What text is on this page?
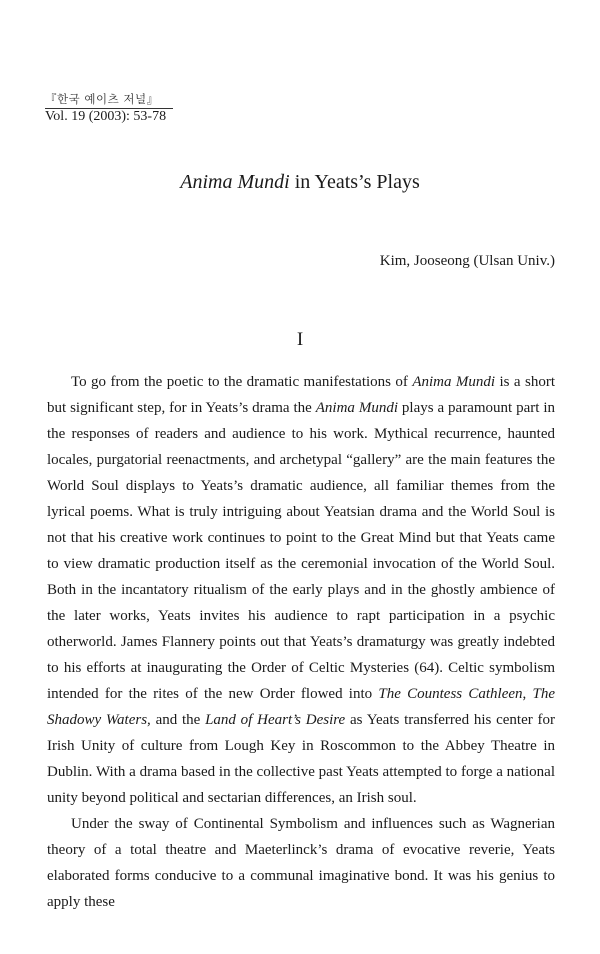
『한국 예이츠 저널』
Vol. 19 (2003): 53-78
Anima Mundi in Yeats’s Plays
Kim, Jooseong (Ulsan Univ.)
I

To go from the poetic to the dramatic manifestations of Anima Mundi is a short but significant step, for in Yeats’s drama the Anima Mundi plays a paramount part in the responses of readers and audience to his work. Mythical recurrence, haunted locales, purgatorial reenactments, and archetypal “gallery” are the main features the World Soul displays to Yeats’s dramatic audience, all familiar themes from the lyrical poems. What is truly intriguing about Yeatsian drama and the World Soul is not that his creative work continues to point to the Great Mind but that Yeats came to view dramatic production itself as the ceremonial invocation of the World Soul. Both in the incantatory ritualism of the early plays and in the ghostly ambience of the later works, Yeats invites his audience to rapt participation in a psychic otherworld. James Flannery points out that Yeats’s dramaturgy was greatly indebted to his efforts at inaugurating the Order of Celtic Mysteries (64). Celtic symbolism intended for the rites of the new Order flowed into The Countess Cathleen, The Shadowy Waters, and the Land of Heart’s Desire as Yeats transferred his center for Irish Unity of culture from Lough Key in Roscommon to the Abbey Theatre in Dublin. With a drama based in the collective past Yeats attempted to forge a national unity beyond political and sectarian differences, an Irish soul.

Under the sway of Continental Symbolism and influences such as Wagnerian theory of a total theatre and Maeterlinck’s drama of evocative reverie, Yeats elaborated forms conducive to a communal imaginative bond. It was his genius to apply these
